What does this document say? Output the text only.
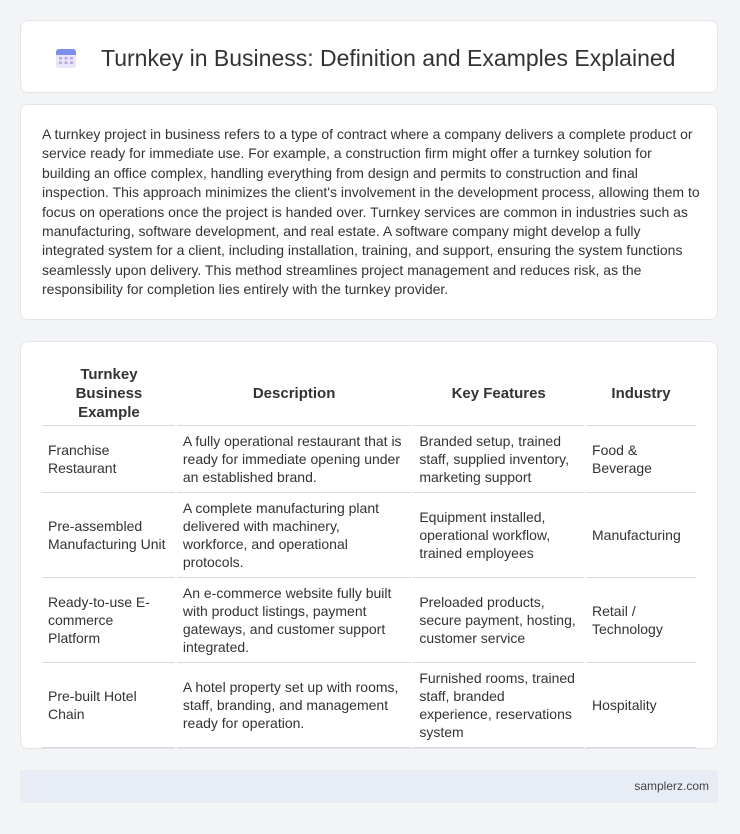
Turnkey in Business: Definition and Examples Explained

A turnkey project in business refers to a type of contract where a company delivers a complete product or service ready for immediate use. For example, a construction firm might offer a turnkey solution for building an office complex, handling everything from design and permits to construction and final inspection. This approach minimizes the client's involvement in the development process, allowing them to focus on operations once the project is handed over. Turnkey services are common in industries such as manufacturing, software development, and real estate. A software company might develop a fully integrated system for a client, including installation, training, and support, ensuring the system functions seamlessly upon delivery. This method streamlines project management and reduces risk, as the responsibility for completion lies entirely with the turnkey provider.

Turnkey Business Example	Description	Key Features	Industry
Franchise Restaurant	A fully operational restaurant that is ready for immediate opening under an established brand.	Branded setup, trained staff, supplied inventory, marketing support	Food & Beverage
Pre-assembled Manufacturing Unit	A complete manufacturing plant delivered with machinery, workforce, and operational protocols.	Equipment installed, operational workflow, trained employees	Manufacturing
Ready-to-use E-commerce Platform	An e-commerce website fully built with product listings, payment gateways, and customer support integrated.	Preloaded products, secure payment, hosting, customer service	Retail / Technology
Pre-built Hotel Chain	A hotel property set up with rooms, staff, branding, and management ready for operation.	Furnished rooms, trained staff, branded experience, reservations system	Hospitality
samplerz.com
